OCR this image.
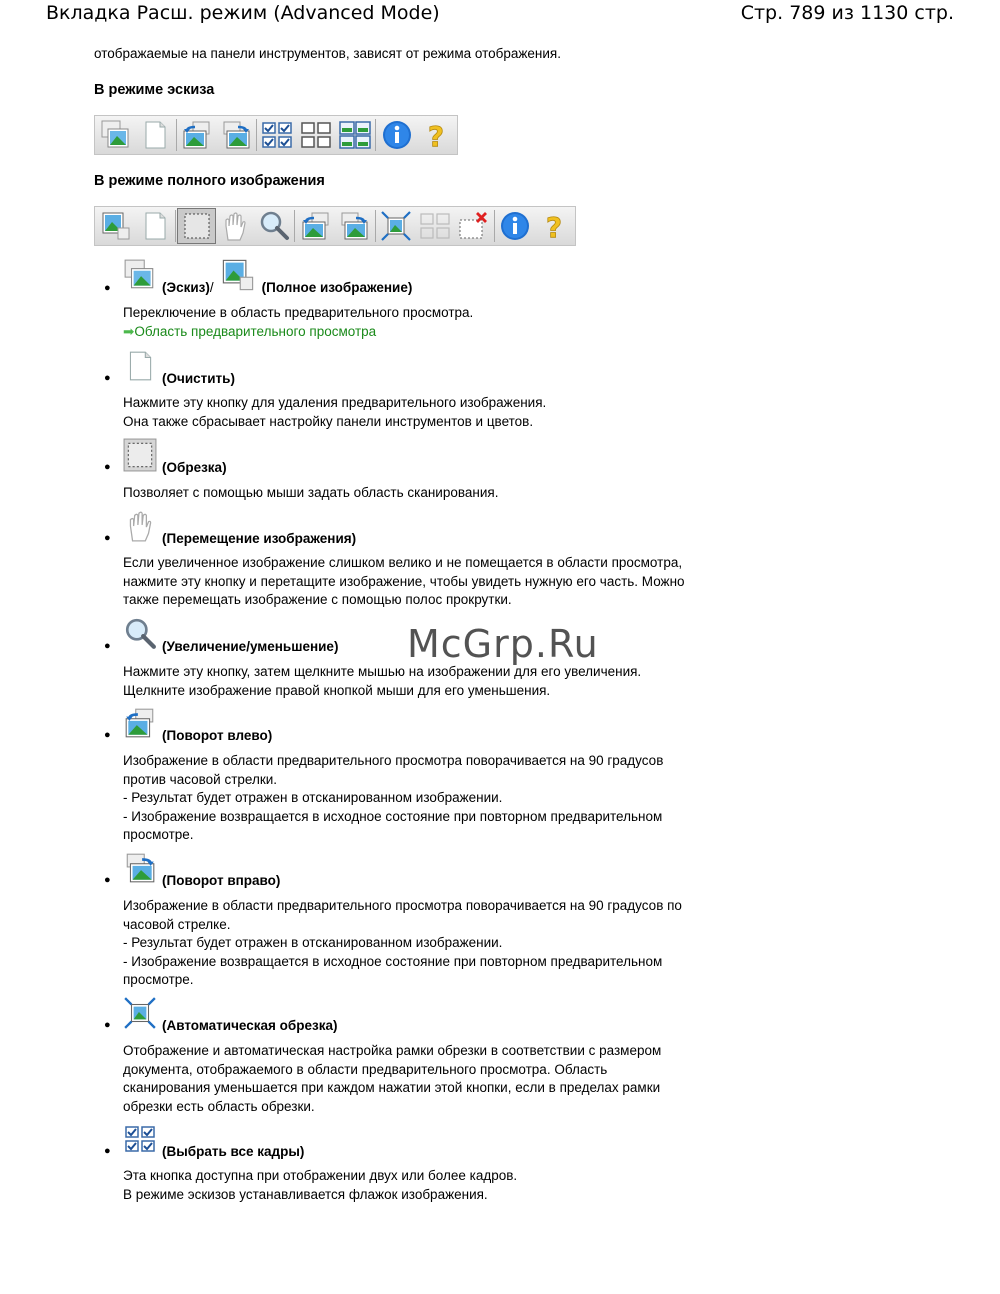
Вкладка Расш. режим (Advanced Mode)	Стр. 789 из 1130 стр.
отображаемые на панели инструментов, зависят от режима отображения.
В режиме эскиза
?
В режиме полного изображения
?
●	(Эскиз) /	(Полное изображение)
Переключение в область предварительного просмотра.
➡Область предварительного просмотра
●	(Очистить)
Нажмите эту кнопку для удаления предварительного изображения.
Она также сбрасывает настройку панели инструментов и цветов.
●	(Обрезка)
Позволяет с помощью мыши задать область сканирования.
●	(Перемещение изображения)
Если увеличенное изображение слишком велико и не помещается в области просмотра,
нажмите эту кнопку и перетащите изображение, чтобы увидеть нужную его часть. Можно
также перемещать изображение с помощью полос прокрутки.
●	(Увеличение/уменьшение)
Нажмите эту кнопку, затем щелкните мышью на изображении для его увеличения.
Щелкните изображение правой кнопкой мыши для его уменьшения.
●	(Поворот влево)
Изображение в области предварительного просмотра поворачивается на 90 градусов
против часовой стрелки.
- Результат будет отражен в отсканированном изображении.
- Изображение возвращается в исходное состояние при повторном предварительном
просмотре.
●	(Поворот вправо)
Изображение в области предварительного просмотра поворачивается на 90 градусов по
часовой стрелке.
- Результат будет отражен в отсканированном изображении.
- Изображение возвращается в исходное состояние при повторном предварительном
просмотре.
●	(Автоматическая обрезка)
Отображение и автоматическая настройка рамки обрезки в соответствии с размером
документа, отображаемого в области предварительного просмотра. Область
сканирования уменьшается при каждом нажатии этой кнопки, если в пределах рамки
обрезки есть область обрезки.
●	(Выбрать все кадры)
Эта кнопка доступна при отображении двух или более кадров.
В режиме эскизов устанавливается флажок изображения.
McGrp.Ru
